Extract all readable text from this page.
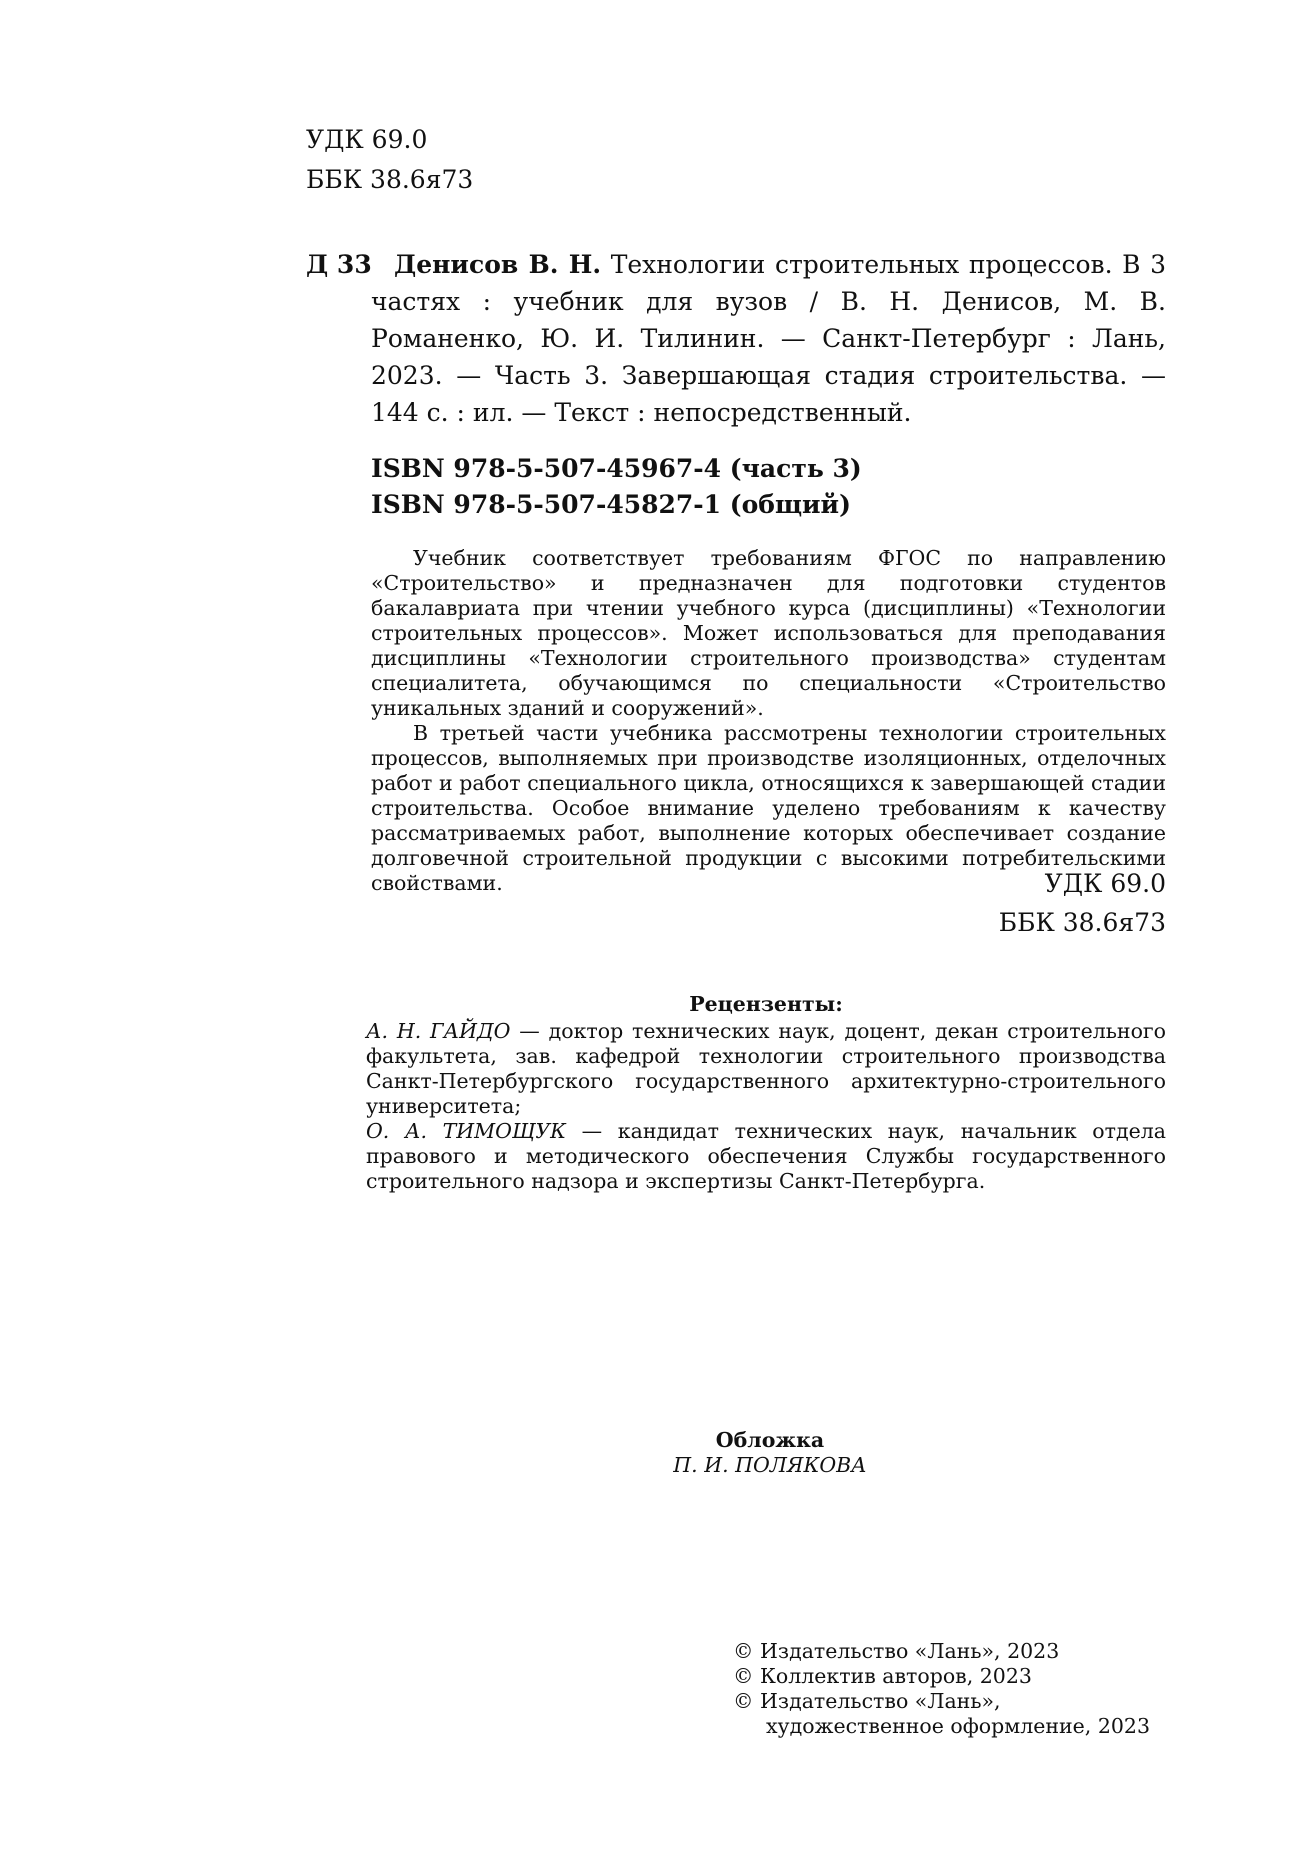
УДК 69.0
ББК 38.6я73
Д 33 Денисов В. Н. Технологии строительных процессов. В 3 частях : учебник для вузов / В. Н. Денисов, М. В. Романенко, Ю. И. Тилинин. — Санкт-Петербург : Лань, 2023. — Часть 3. Завершающая стадия строительства. — 144 с. : ил. — Текст : непосредственный.
ISBN 978-5-507-45967-4 (часть 3)
ISBN 978-5-507-45827-1 (общий)

Учебник соответствует требованиям ФГОС по направлению «Строительство» и предназначен для подготовки студентов бакалавриата при чтении учебного курса (дисциплины) «Технологии строительных процессов». Может использоваться для преподавания дисциплины «Технологии строительного производства» студентам специалитета, обучающимся по специальности «Строительство уникальных зданий и сооружений».

В третьей части учебника рассмотрены технологии строительных процессов, выполняемых при производстве изоляционных, отделочных работ и работ специального цикла, относящихся к завершающей стадии строительства. Особое внимание уделено требованиям к качеству рассматриваемых работ, выполнение которых обеспечивает создание долговечной строительной продукции с высокими потребительскими свойствами.	УДК 69.0
ББК 38.6я73
Рецензенты:

А. Н. ГАЙДО — доктор технических наук, доцент, декан строительного факультета, зав. кафедрой технологии строительного производства Санкт-Петербургского государственного архитектурно-строительного университета;

О. А. ТИМОЩУК — кандидат технических наук, начальник отдела правового и методического обеспечения Службы государственного строительного надзора и экспертизы Санкт-Петербурга.

Обложка
П. И. ПОЛЯКОВА
© Издательство «Лань», 2023
© Коллектив авторов, 2023
© Издательство «Лань»,
художественное оформление, 2023
